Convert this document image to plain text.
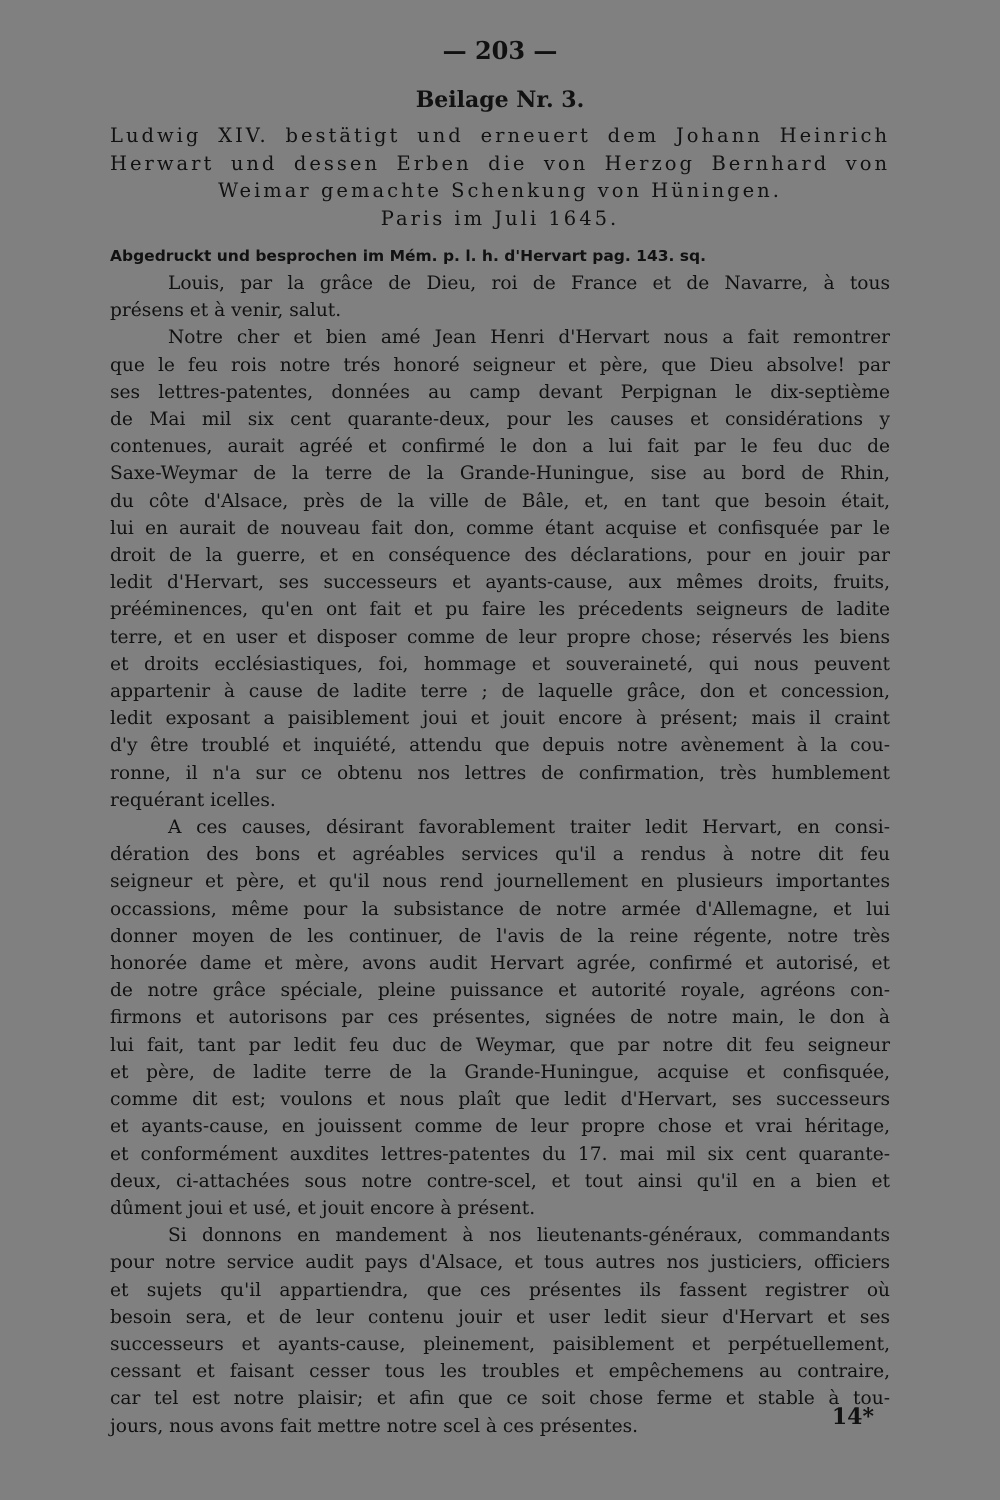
— 203 —
Beilage Nr. 3.
Ludwig XIV. bestätigt und erneuert dem Johann Heinrich
Herwart und dessen Erben die von Herzog Bernhard von
Weimar gemachte Schenkung von Hüningen.
Paris im Juli 1645.
Abgedruckt und besprochen im Mém. p. l. h. d'Hervart pag. 143. sq.

Louis, par la grâce de Dieu, roi de France et de Navarre, à tous
présens et à venir, salut.

Notre cher et bien amé Jean Henri d'Hervart nous a fait remontrer
que le feu rois notre trés honoré seigneur et père, que Dieu absolve! par
ses lettres-patentes, données au camp devant Perpignan le dix-septième
de Mai mil six cent quarante-deux, pour les causes et considérations y
contenues, aurait agréé et confirmé le don a lui fait par le feu duc de
Saxe-Weymar de la terre de la Grande-Huningue, sise au bord de Rhin,
du côte d'Alsace, près de la ville de Bâle, et, en tant que besoin était,
lui en aurait de nouveau fait don, comme étant acquise et confisquée par le
droit de la guerre, et en conséquence des déclarations, pour en jouir par
ledit d'Hervart, ses successeurs et ayants-cause, aux mêmes droits, fruits,
prééminences, qu'en ont fait et pu faire les précedents seigneurs de ladite
terre, et en user et disposer comme de leur propre chose; réservés les biens
et droits ecclésiastiques, foi, hommage et souveraineté, qui nous peuvent
appartenir à cause de ladite terre ; de laquelle grâce, don et concession,
ledit exposant a paisiblement joui et jouit encore à présent; mais il craint
d'y être troublé et inquiété, attendu que depuis notre avènement à la cou-
ronne, il n'a sur ce obtenu nos lettres de confirmation, très humblement
requérant icelles.

A ces causes, désirant favorablement traiter ledit Hervart, en consi-
dération des bons et agréables services qu'il a rendus à notre dit feu
seigneur et père, et qu'il nous rend journellement en plusieurs importantes
occassions, même pour la subsistance de notre armée d'Allemagne, et lui
donner moyen de les continuer, de l'avis de la reine régente, notre très
honorée dame et mère, avons audit Hervart agrée, confirmé et autorisé, et
de notre grâce spéciale, pleine puissance et autorité royale, agréons con-
firmons et autorisons par ces présentes, signées de notre main, le don à
lui fait, tant par ledit feu duc de Weymar, que par notre dit feu seigneur
et père, de ladite terre de la Grande-Huningue, acquise et confisquée,
comme dit est; voulons et nous plaît que ledit d'Hervart, ses successeurs
et ayants-cause, en jouissent comme de leur propre chose et vrai héritage,
et conformément auxdites lettres-patentes du 17. mai mil six cent quarante-
deux, ci-attachées sous notre contre-scel, et tout ainsi qu'il en a bien et
dûment joui et usé, et jouit encore à présent.

Si donnons en mandement à nos lieutenants-généraux, commandants
pour notre service audit pays d'Alsace, et tous autres nos justiciers, officiers
et sujets qu'il appartiendra, que ces présentes ils fassent registrer où
besoin sera, et de leur contenu jouir et user ledit sieur d'Hervart et ses
successeurs et ayants-cause, pleinement, paisiblement et perpétuellement,
cessant et faisant cesser tous les troubles et empêchemens au contraire,
car tel est notre plaisir; et afin que ce soit chose ferme et stable à tou-
jours, nous avons fait mettre notre scel à ces présentes.	14*
